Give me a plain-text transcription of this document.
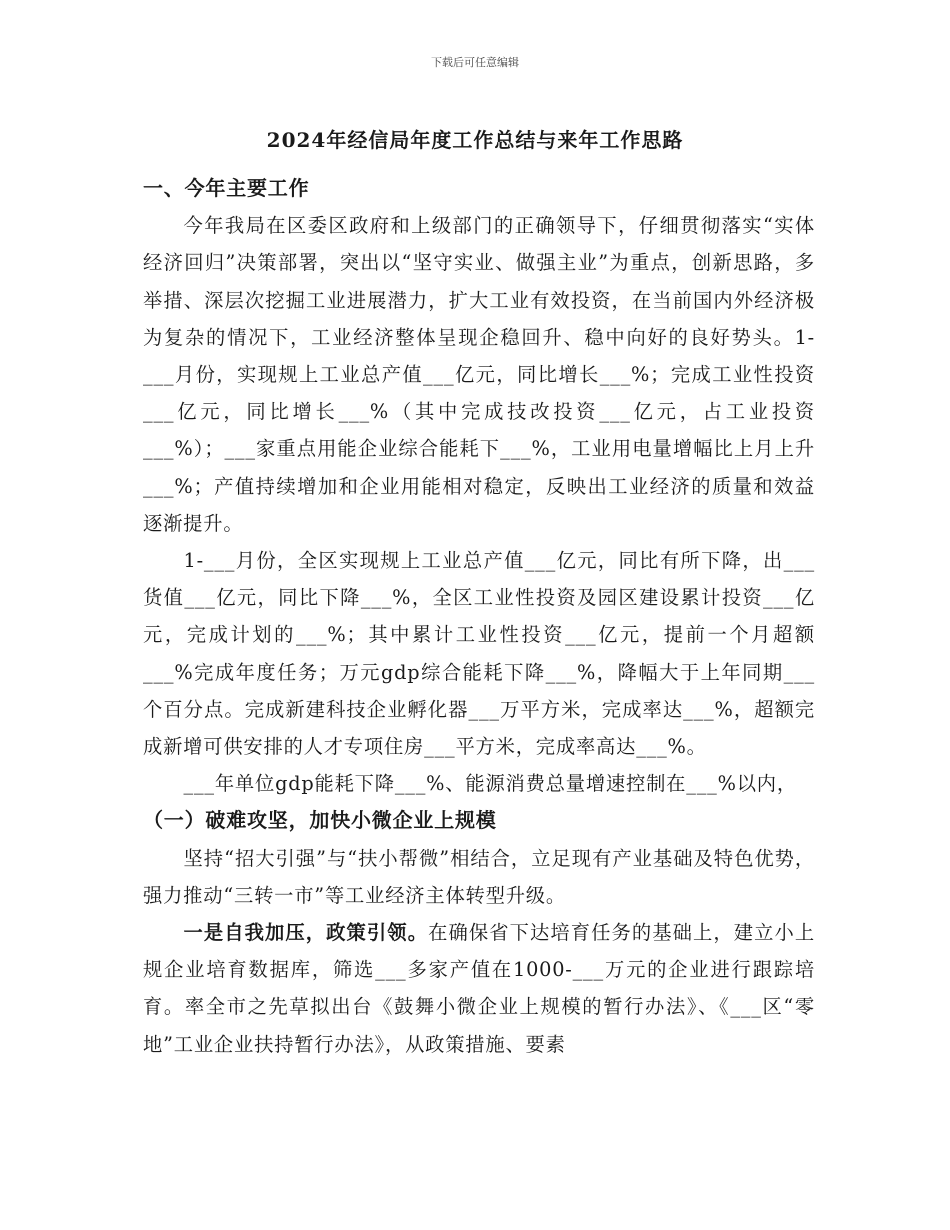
下载后可任意编辑
2024年经信局年度工作总结与来年工作思路

一、今年主要工作

今年我局在区委区政府和上级部门的正确领导下，仔细贯彻落实“实体经济回归”决策部署，突出以“坚守实业、做强主业”为重点，创新思路，多举措、深层次挖掘工业进展潜力，扩大工业有效投资，在当前国内外经济极为复杂的情况下，工业经济整体呈现企稳回升、稳中向好的良好势头。1-___月份，实现规上工业总产值___亿元，同比增长___%；完成工业性投资___亿元，同比增长___%（其中完成技改投资___亿元，占工业投资___%）；___家重点用能企业综合能耗下___%，工业用电量增幅比上月上升___%；产值持续增加和企业用能相对稳定，反映出工业经济的质量和效益逐渐提升。

1-___月份，全区实现规上工业总产值___亿元，同比有所下降，出___货值___亿元，同比下降___%，全区工业性投资及园区建设累计投资___亿元，完成计划的___%；其中累计工业性投资___亿元，提前一个月超额___%完成年度任务；万元gdp综合能耗下降___%，降幅大于上年同期___个百分点。完成新建科技企业孵化器___万平方米，完成率达___%，超额完成新增可供安排的人才专项住房___平方米，完成率高达___%。

___年单位gdp能耗下降___%、能源消费总量增速控制在___%以内，

（一）破难攻坚，加快小微企业上规模

坚持“招大引强”与“扶小帮微”相结合，立足现有产业基础及特色优势，强力推动“三转一市”等工业经济主体转型升级。

一是自我加压，政策引领。在确保省下达培育任务的基础上，建立小上规企业培育数据库，筛选___多家产值在1000-___万元的企业进行跟踪培育。率全市之先草拟出台《鼓舞小微企业上规模的暂行办法》、《___区“零地”工业企业扶持暂行办法》，从政策措施、要素
